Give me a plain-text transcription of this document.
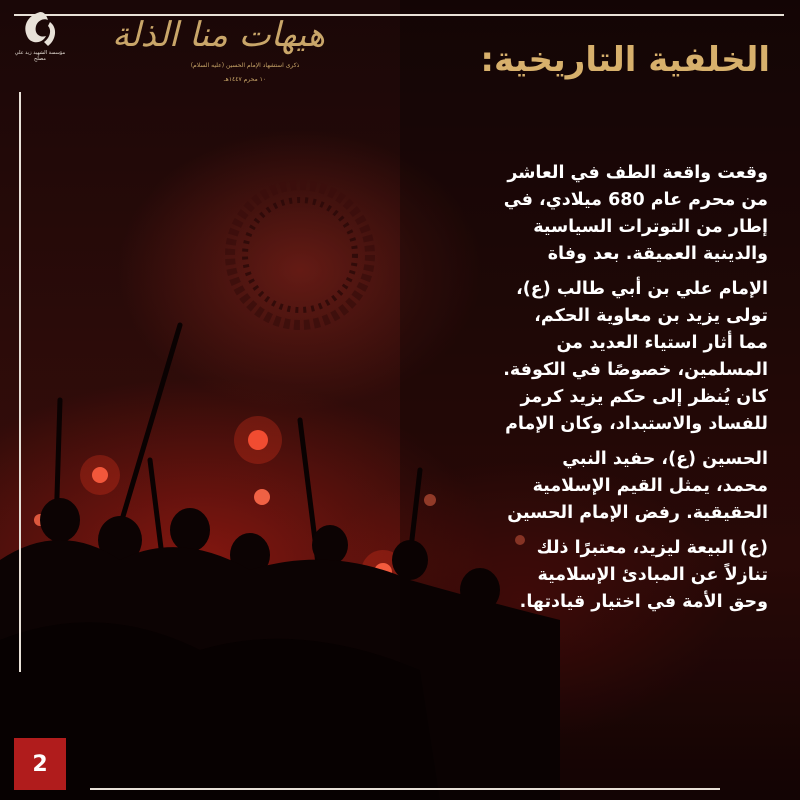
مؤسسة الشهيد زيد علي مصلح
هيهات منا الذلة
ذكرى استشهاد الإمام الحسين (عليه السلام)
١٠ محرم ١٤٤٧هـ	الخلفية التاريخية:
وقعت واقعة الطف في العاشر
من محرم عام 680 ميلادي، في
إطار من التوترات السياسية
والدينية العميقة. بعد وفاة
الإمام علي بن أبي طالب (ع)،
تولى يزيد بن معاوية الحكم،
مما أثار استياء العديد من
المسلمين، خصوصًا في الكوفة.
كان يُنظر إلى حكم يزيد كرمز
للفساد والاستبداد، وكان الإمام
الحسين (ع)، حفيد النبي
محمد، يمثل القيم الإسلامية
الحقيقية. رفض الإمام الحسين
(ع) البيعة ليزيد، معتبرًا ذلك
تنازلاً عن المبادئ الإسلامية
وحق الأمة في اختيار قيادتها.
2
